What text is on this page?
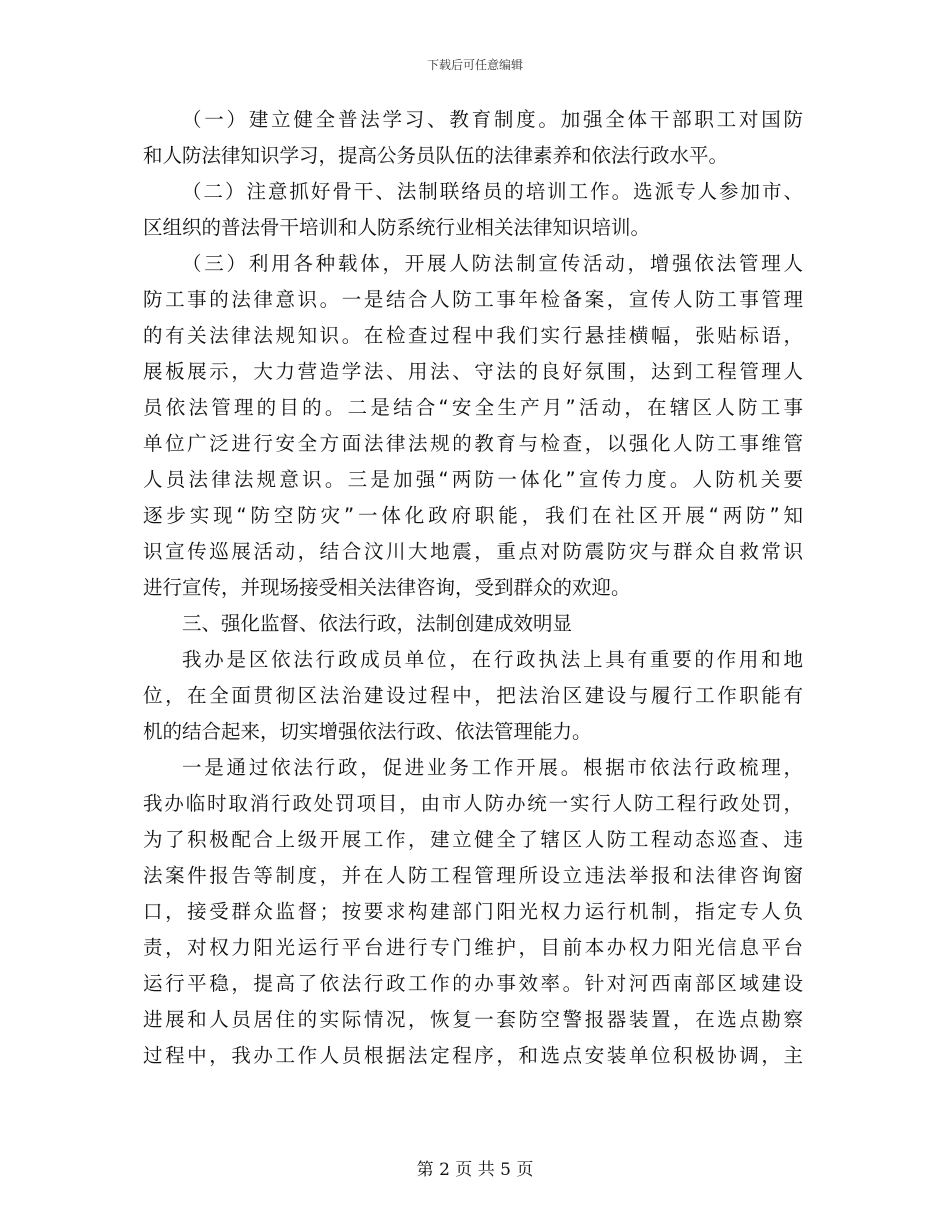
下载后可任意编辑
（一）建立健全普法学习、教育制度。加强全体干部职工对国防
和人防法律知识学习，提高公务员队伍的法律素养和依法行政水平。
（二）注意抓好骨干、法制联络员的培训工作。选派专人参加市、
区组织的普法骨干培训和人防系统行业相关法律知识培训。
（三）利用各种载体，开展人防法制宣传活动，增强依法管理人
防工事的法律意识。一是结合人防工事年检备案，宣传人防工事管理
的有关法律法规知识。在检查过程中我们实行悬挂横幅，张贴标语，
展板展示，大力营造学法、用法、守法的良好氛围，达到工程管理人
员依法管理的目的。二是结合“安全生产月”活动，在辖区人防工事
单位广泛进行安全方面法律法规的教育与检查，以强化人防工事维管
人员法律法规意识。三是加强“两防一体化”宣传力度。人防机关要
逐步实现“防空防灾”一体化政府职能，我们在社区开展“两防”知
识宣传巡展活动，结合汶川大地震，重点对防震防灾与群众自救常识
进行宣传，并现场接受相关法律咨询，受到群众的欢迎。
三、强化监督、依法行政，法制创建成效明显
我办是区依法行政成员单位，在行政执法上具有重要的作用和地
位，在全面贯彻区法治建设过程中，把法治区建设与履行工作职能有
机的结合起来，切实增强依法行政、依法管理能力。
一是通过依法行政，促进业务工作开展。根据市依法行政梳理，
我办临时取消行政处罚项目，由市人防办统一实行人防工程行政处罚，
为了积极配合上级开展工作，建立健全了辖区人防工程动态巡查、违
法案件报告等制度，并在人防工程管理所设立违法举报和法律咨询窗
口，接受群众监督；按要求构建部门阳光权力运行机制，指定专人负
责，对权力阳光运行平台进行专门维护，目前本办权力阳光信息平台
运行平稳，提高了依法行政工作的办事效率。针对河西南部区域建设
进展和人员居住的实际情况，恢复一套防空警报器装置，在选点勘察
过程中，我办工作人员根据法定程序，和选点安装单位积极协调，主
第 2 页 共 5 页
